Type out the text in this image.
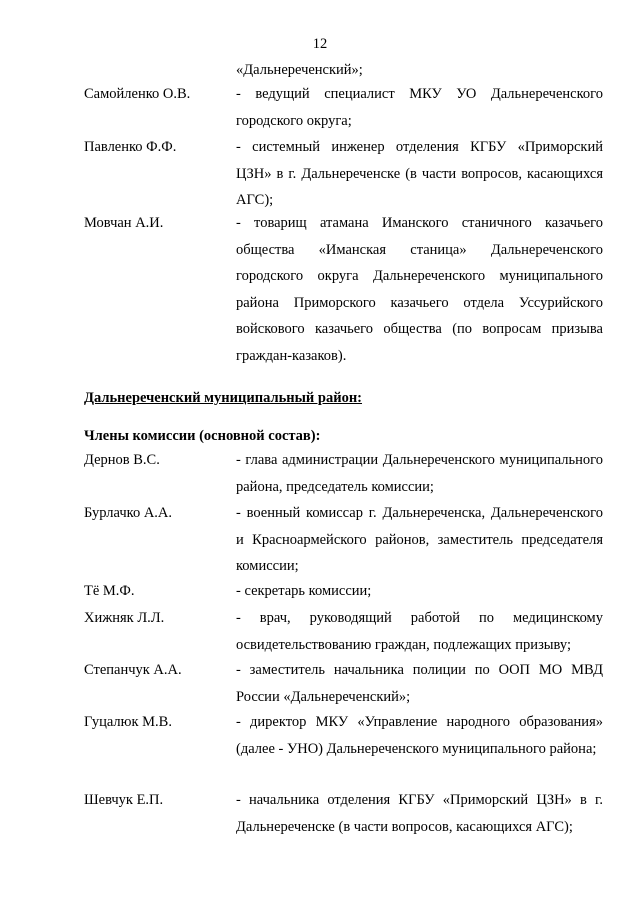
12
«Дальнереченский»;
Самойленко О.В.	- ведущий специалист МКУ УО Дальнереченского городского округа;
Павленко Ф.Ф.	- системный инженер отделения КГБУ «Приморский ЦЗН» в г. Дальнереченске (в части вопросов, касающихся АГС);
Мовчан А.И.	- товарищ атамана Иманского станичного казачьего общества «Иманская станица» Дальнереченского городского округа Дальнереченского муниципального района Приморского казачьего отдела Уссурийского войскового казачьего общества (по вопросам призыва граждан-казаков).
Дальнереченский муниципальный район:
Члены комиссии (основной состав):
Дернов В.С.	- глава администрации Дальнереченского муниципального района, председатель комиссии;
Бурлачко А.А.	- военный комиссар г. Дальнереченска, Дальнереченского и Красноармейского районов, заместитель председателя комиссии;
Тё М.Ф.	- секретарь комиссии;
Хижняк Л.Л.	- врач, руководящий работой по медицинскому освидетельствованию граждан, подлежащих призыву;
Степанчук А.А.	- заместитель начальника полиции по ООП МО МВД России «Дальнереченский»;
Гуцалюк М.В.	- директор МКУ «Управление народного образования» (далее - УНО) Дальнереченского муниципального района;
Шевчук Е.П.	- начальника отделения КГБУ «Приморский ЦЗН» в г. Дальнереченске (в части вопросов, касающихся АГС);
